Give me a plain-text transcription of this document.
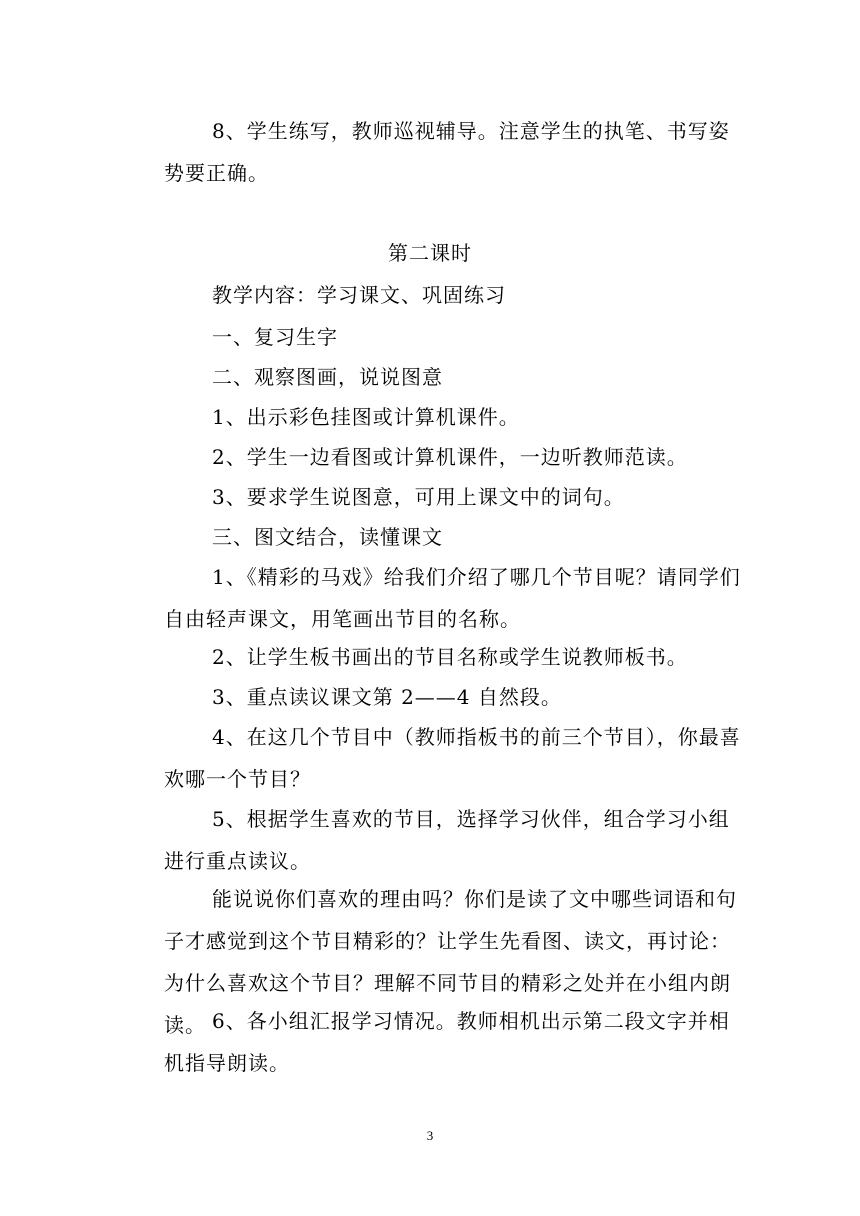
8、学生练写，教师巡视辅导。注意学生的执笔、书写姿势要正确。

第二课时

教学内容：学习课文、巩固练习

一、复习生字

二、观察图画，说说图意

1、出示彩色挂图或计算机课件。

2、学生一边看图或计算机课件，一边听教师范读。

3、要求学生说图意，可用上课文中的词句。

三、图文结合，读懂课文

1、《精彩的马戏》给我们介绍了哪几个节目呢？请同学们自由轻声课文，用笔画出节目的名称。

2、让学生板书画出的节目名称或学生说教师板书。

3、重点读议课文第 2——4 自然段。

4、在这几个节目中（教师指板书的前三个节目），你最喜欢哪一个节目？

5、根据学生喜欢的节目，选择学习伙伴，组合学习小组进行重点读议。

能说说你们喜欢的理由吗？你们是读了文中哪些词语和句子才感觉到这个节目精彩的？让学生先看图、读文，再讨论：为什么喜欢这个节目？理解不同节目的精彩之处并在小组内朗读。 6、各小组汇报学习情况。教师相机出示第二段文字并相机指导朗读。

3
